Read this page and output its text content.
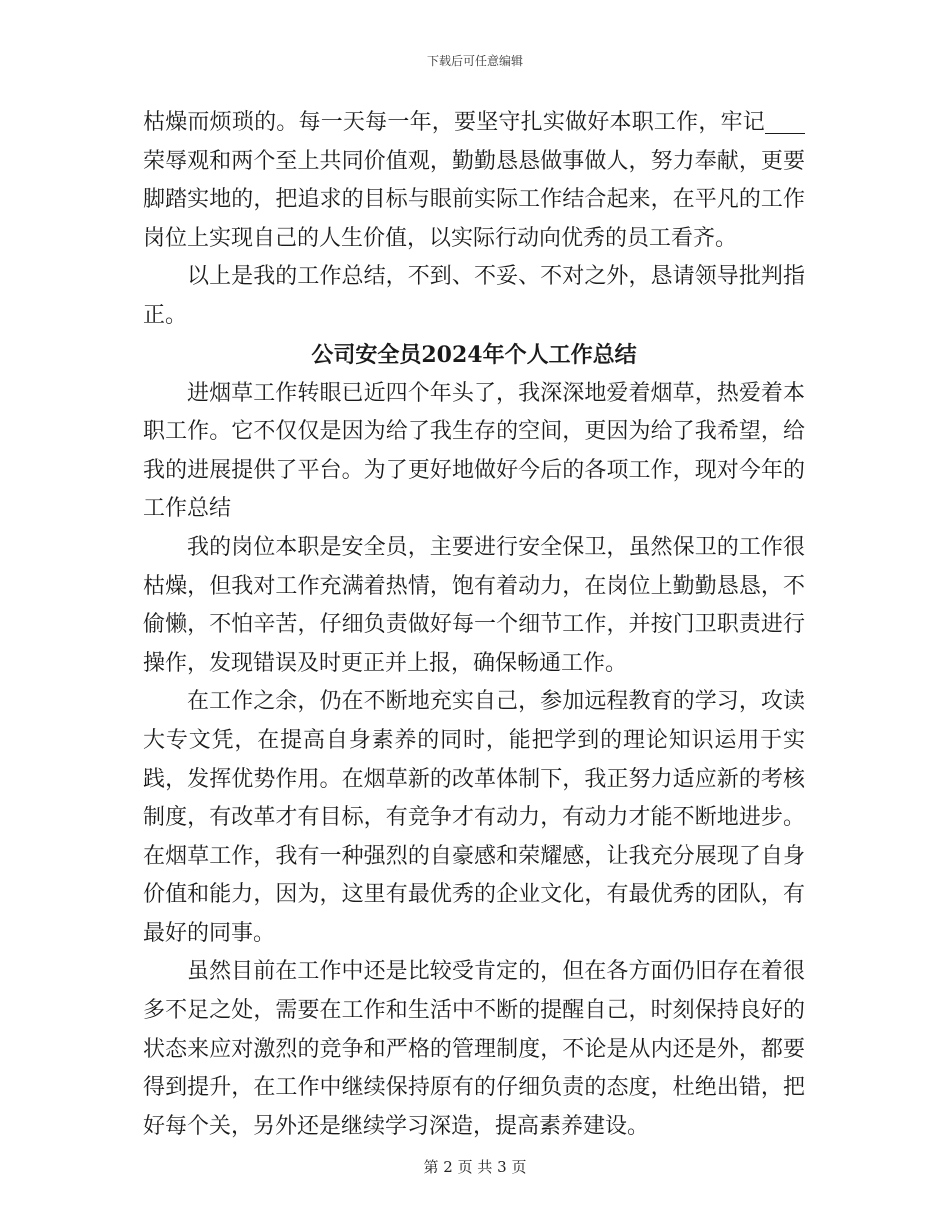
下载后可任意编辑

枯燥而烦琐的。每一天每一年，要坚守扎实做好本职工作，牢记荣辱观和两个至上共同价值观，勤勤恳恳做事做人，努力奉献，更要脚踏实地的，把追求的目标与眼前实际工作结合起来，在平凡的工作岗位上实现自己的人生价值，以实际行动向优秀的员工看齐。

以上是我的工作总结，不到、不妥、不对之外，恳请领导批判指正。

公司安全员2024年个人工作总结

进烟草工作转眼已近四个年头了，我深深地爱着烟草，热爱着本职工作。它不仅仅是因为给了我生存的空间，更因为给了我希望，给我的进展提供了平台。为了更好地做好今后的各项工作，现对今年的工作总结

我的岗位本职是安全员，主要进行安全保卫，虽然保卫的工作很枯燥，但我对工作充满着热情，饱有着动力，在岗位上勤勤恳恳，不偷懒，不怕辛苦，仔细负责做好每一个细节工作，并按门卫职责进行操作，发现错误及时更正并上报，确保畅通工作。

在工作之余，仍在不断地充实自己，参加远程教育的学习，攻读大专文凭，在提高自身素养的同时，能把学到的理论知识运用于实践，发挥优势作用。在烟草新的改革体制下，我正努力适应新的考核制度，有改革才有目标，有竞争才有动力，有动力才能不断地进步。在烟草工作，我有一种强烈的自豪感和荣耀感，让我充分展现了自身价值和能力，因为，这里有最优秀的企业文化，有最优秀的团队，有最好的同事。

虽然目前在工作中还是比较受肯定的，但在各方面仍旧存在着很多不足之处，需要在工作和生活中不断的提醒自己，时刻保持良好的状态来应对激烈的竞争和严格的管理制度，不论是从内还是外，都要得到提升，在工作中继续保持原有的仔细负责的态度，杜绝出错，把好每个关，另外还是继续学习深造，提高素养建设。

第 2 页 共 3 页
